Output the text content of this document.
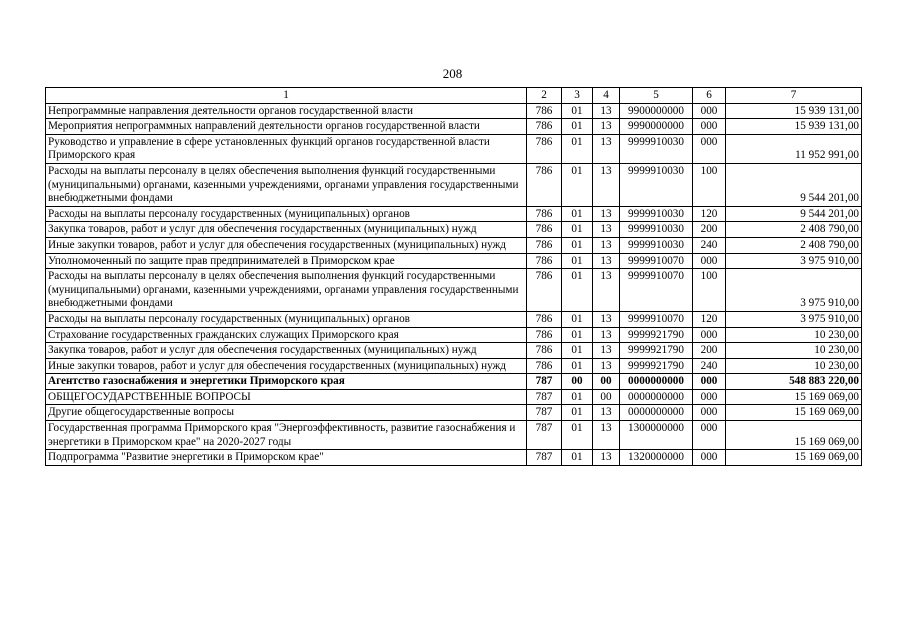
208
1	2	3	4	5	6	7
Непрограммные направления деятельности органов государственной власти	786	01	13	9900000000	000	15 939 131,00
Мероприятия непрограммных направлений деятельности органов государственной власти	786	01	13	9990000000	000	15 939 131,00
Руководство и управление в сфере установленных функций органов государственной власти Приморского края	786	01	13	9999910030	000	11 952 991,00
Расходы на выплаты персоналу в целях обеспечения выполнения функций государственными (муниципальными) органами, казенными учреждениями, органами управления государственными внебюджетными фондами	786	01	13	9999910030	100	9 544 201,00
Расходы на выплаты персоналу государственных (муниципальных) органов	786	01	13	9999910030	120	9 544 201,00
Закупка товаров, работ и услуг для обеспечения государственных (муниципальных) нужд	786	01	13	9999910030	200	2 408 790,00
Иные закупки товаров, работ и услуг для обеспечения государственных (муниципальных) нужд	786	01	13	9999910030	240	2 408 790,00
Уполномоченный по защите прав предпринимателей в Приморском крае	786	01	13	9999910070	000	3 975 910,00
Расходы на выплаты персоналу в целях обеспечения выполнения функций государственными (муниципальными) органами, казенными учреждениями, органами управления государственными внебюджетными фондами	786	01	13	9999910070	100	3 975 910,00
Расходы на выплаты персоналу государственных (муниципальных) органов	786	01	13	9999910070	120	3 975 910,00
Страхование государственных гражданских служащих Приморского края	786	01	13	9999921790	000	10 230,00
Закупка товаров, работ и услуг для обеспечения государственных (муниципальных) нужд	786	01	13	9999921790	200	10 230,00
Иные закупки товаров, работ и услуг для обеспечения государственных (муниципальных) нужд	786	01	13	9999921790	240	10 230,00
Агентство газоснабжения и энергетики Приморского края	787	00	00	0000000000	000	548 883 220,00
ОБЩЕГОСУДАРСТВЕННЫЕ ВОПРОСЫ	787	01	00	0000000000	000	15 169 069,00
Другие общегосударственные вопросы	787	01	13	0000000000	000	15 169 069,00
Государственная программа Приморского края "Энергоэффективность, развитие газоснабжения и энергетики в Приморском крае" на 2020-2027 годы	787	01	13	1300000000	000	15 169 069,00
Подпрограмма "Развитие энергетики в Приморском крае"	787	01	13	1320000000	000	15 169 069,00
